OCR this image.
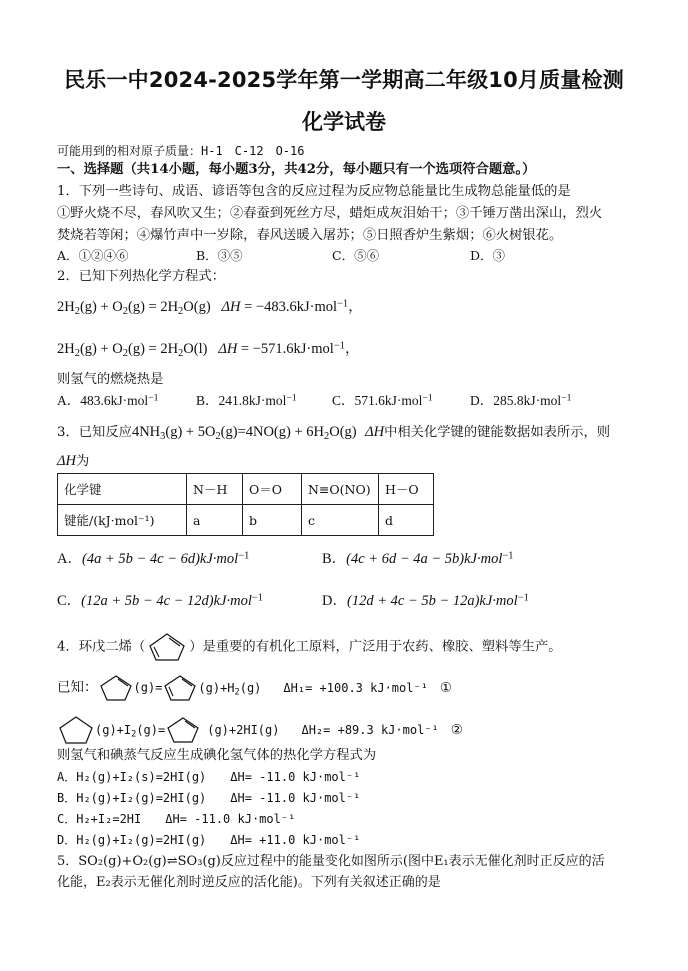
民乐一中2024-2025学年第一学期高二年级10月质量检测
化学试卷
可能用到的相对原子质量：H-1　C-12　O-16
一、选择题（共14小题，每小题3分，共42分，每小题只有一个选项符合题意。）
1．下列一些诗句、成语、谚语等包含的反应过程为反应物总能量比生成物总能量低的是
①野火烧不尽，春风吹又生；②春蚕到死丝方尽，蜡炬成灰泪始干；③千锤万凿出深山，烈火
焚烧若等闲；④爆竹声中一岁除，春风送暖入屠苏；⑤日照香炉生紫烟；⑥火树银花。
A．①②④⑥	B．③⑤	C．⑤⑥	D．③
2．已知下列热化学方程式：
$2H_2(g) + O_2(g) = 2H_2O(g) \Delta H = -483.6kJ\cdot mol^{-1}$，
$2H_2(g) + O_2(g) = 2H_2O(l) \Delta H = -571.6kJ\cdot mol^{-1}$，
则氢气的燃烧热是
A．483.6kJ·mol$^{-1}$	B．241.8kJ·mol$^{-1}$	C．571.6kJ·mol$^{-1}$	D．285.8kJ·mol$^{-1}$
3．已知反应$4NH_3(g) + 5O_2(g)=4NO(g) + 6H_2O(g)$ ΔH中相关化学键的键能数据如表所示，则
ΔH为
化学键	N－H	O＝O	N≡O(NO)	H－O
键能/(kJ·mol⁻¹)	a	b	c	d
A．(4a + 5b − 4c − 6d)kJ·mol$^{-1}$	B．(4c + 6d − 4a − 5b)kJ·mol$^{-1}$
C．(12a + 5b − 4c − 12d)kJ·mol$^{-1}$	D．(12d + 4c − 5b − 12a)kJ·mol$^{-1}$
4．环戊二烯（	）是重要的有机化工原料，广泛用于农药、橡胶、塑料等生产。
已知：	(g)=	$(g)+H_2(g)$ ΔH₁= +100.3 kJ·mol⁻¹ ①
$(g)+I_2(g)=$	(g)+2HI(g) ΔH₂= +89.3 kJ·mol⁻¹ ②
则氢气和碘蒸气反应生成碘化氢气体的热化学方程式为
A．H₂(g)+I₂(s)=2HI(g)　　ΔH= -11.0 kJ·mol⁻¹
B．H₂(g)+I₂(g)=2HI(g)　　ΔH= -11.0 kJ·mol⁻¹
C．H₂+I₂=2HI　　ΔH= -11.0 kJ·mol⁻¹
D．H₂(g)+I₂(g)=2HI(g)　　ΔH= +11.0 kJ·mol⁻¹
5．SO₂(g)+O₂(g)⇌SO₃(g)反应过程中的能量变化如图所示(图中E₁表示无催化剂时正反应的活
化能，E₂表示无催化剂时逆反应的活化能)。下列有关叙述正确的是
